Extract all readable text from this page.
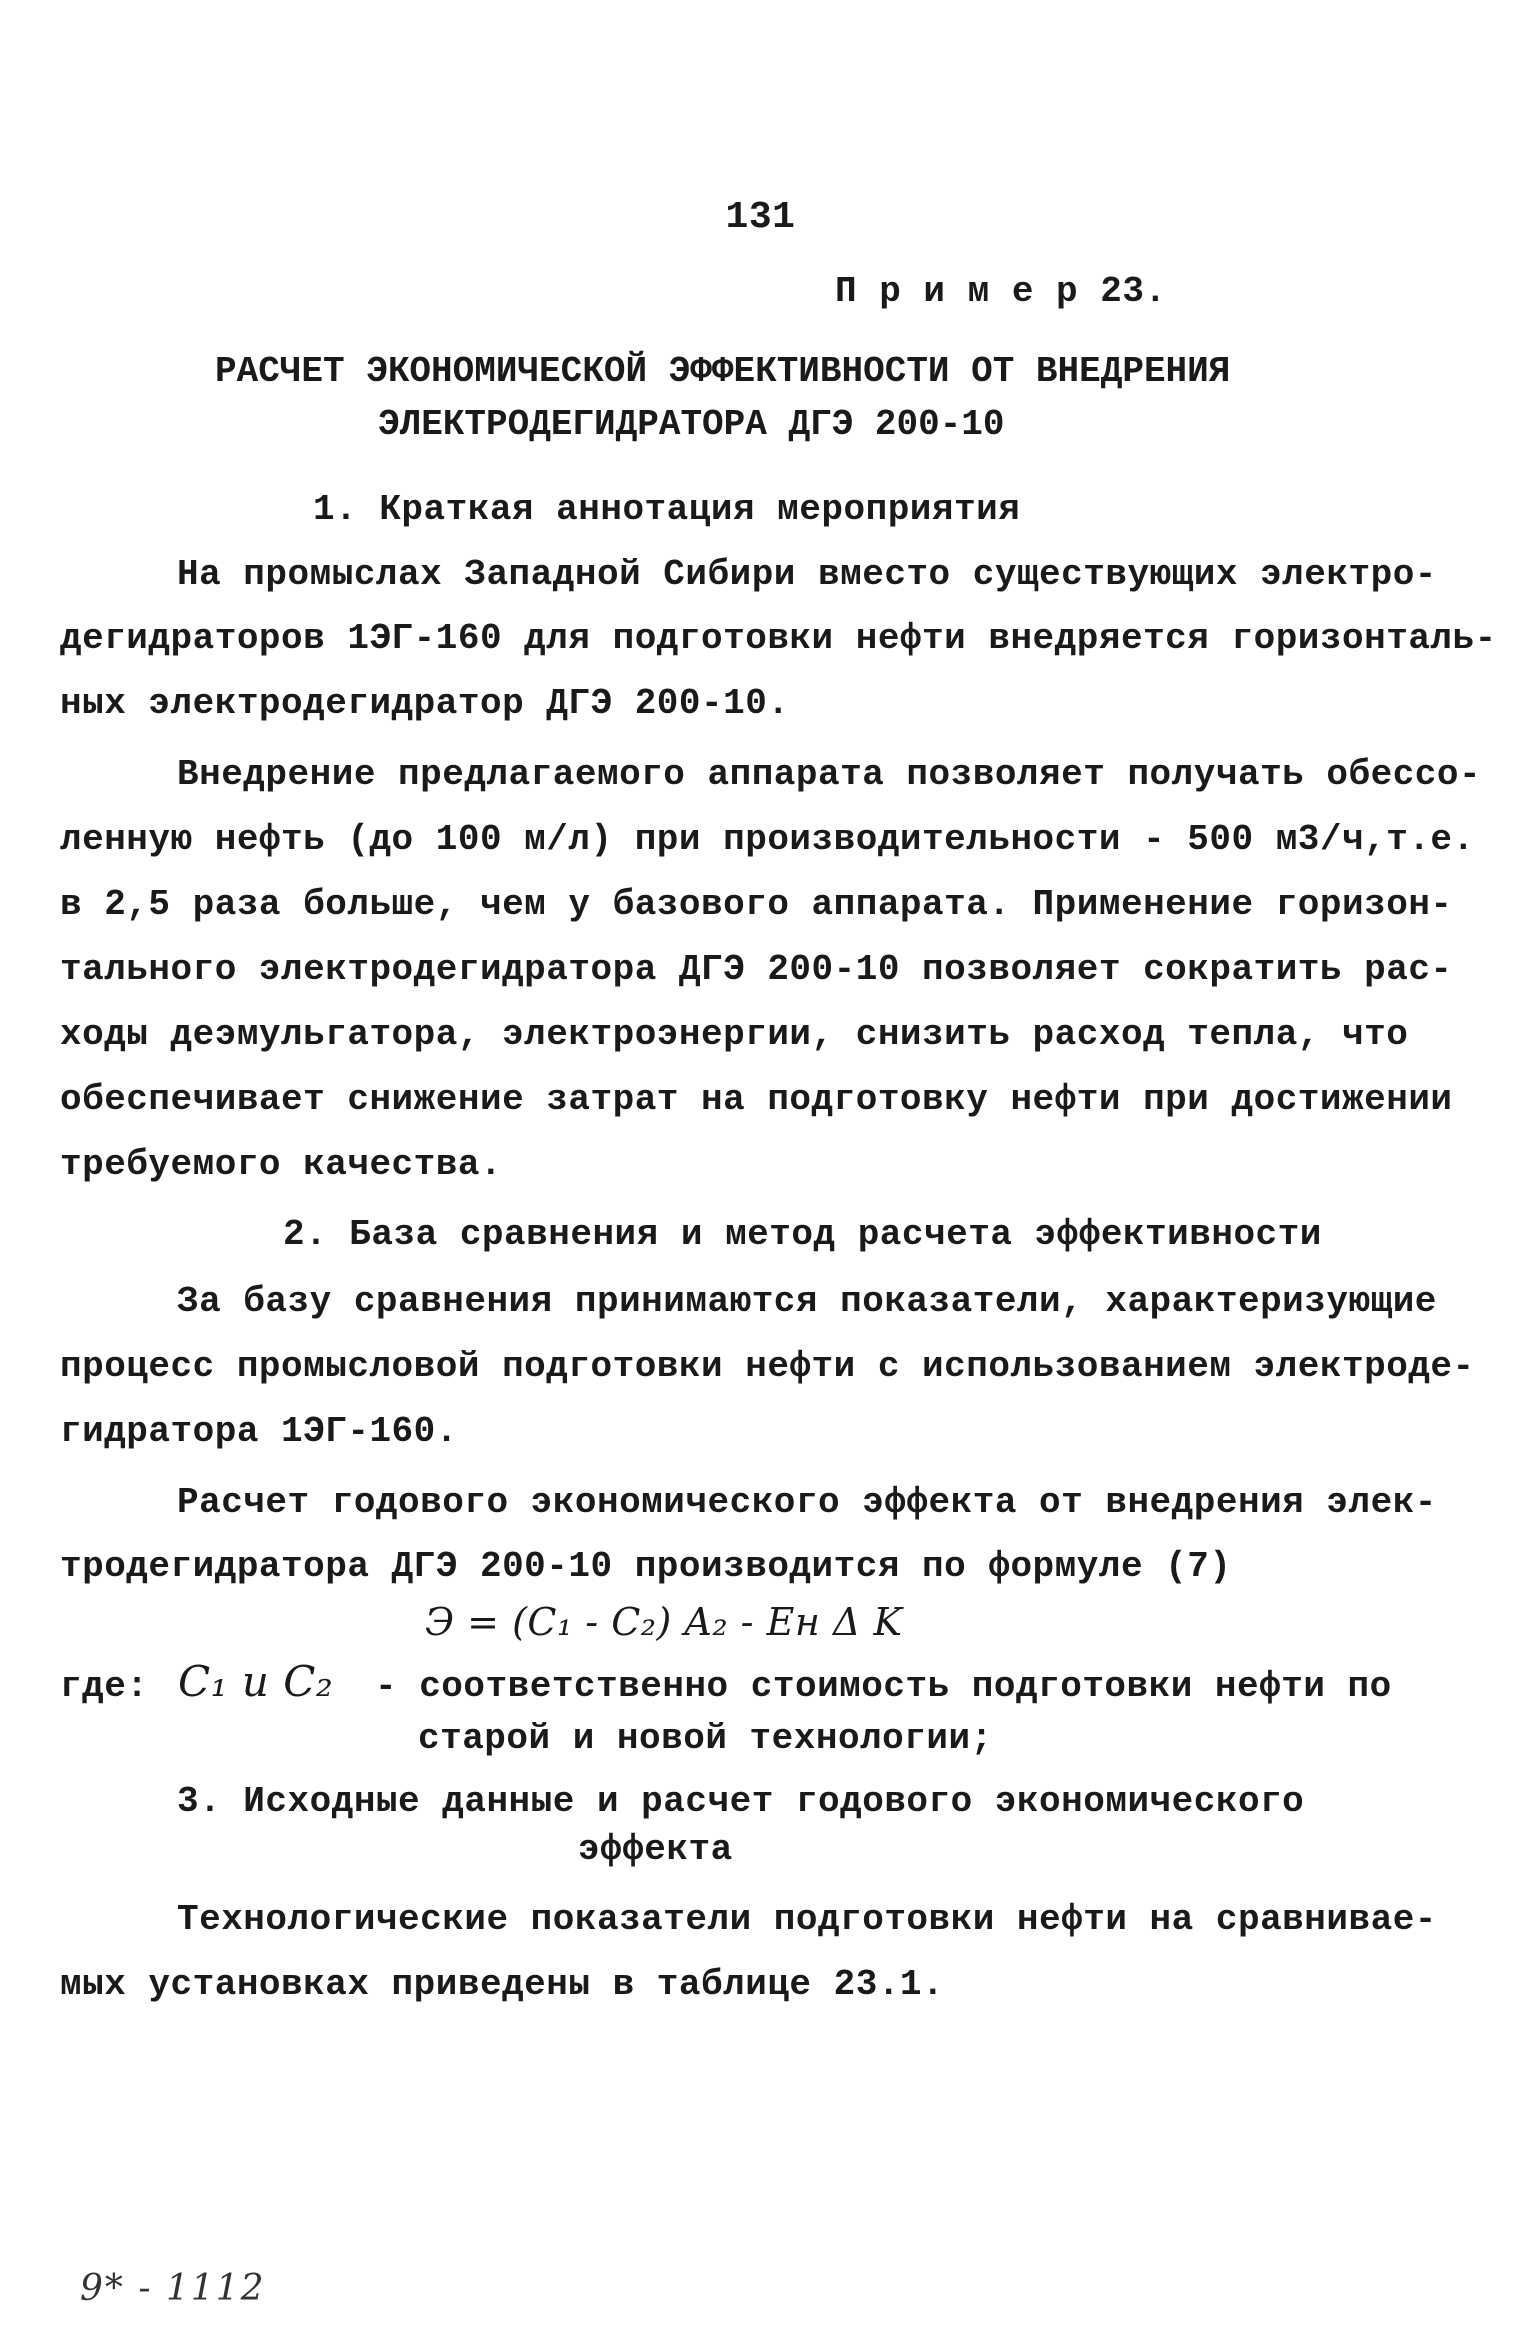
131
П р и м е р 23.
РАСЧЕТ ЭКОНОМИЧЕСКОЙ ЭФФЕКТИВНОСТИ ОТ ВНЕДРЕНИЯ
ЭЛЕКТРОДЕГИДРАТОРА ДГЭ 200-10
1. Краткая аннотация мероприятия
На промыслах Западной Сибири вместо существующих электро-
дегидраторов 1ЭГ-160 для подготовки нефти внедряется горизонталь-
ных электродегидратор ДГЭ 200-10.
Внедрение предлагаемого аппарата позволяет получать обессо-
ленную нефть (до 100 м/л) при производительности - 500 м3/ч,т.е.
в 2,5 раза больше, чем у базового аппарата. Применение горизон-
тального электродегидратора ДГЭ 200-10 позволяет сократить рас-
ходы деэмульгатора, электроэнергии, снизить расход тепла, что
обеспечивает снижение затрат на подготовку нефти при достижении
требуемого качества.
2. База сравнения и метод расчета эффективности
За базу сравнения принимаются показатели, характеризующие
процесс промысловой подготовки нефти с использованием электроде-
гидратора 1ЭГ-160.
Расчет годового экономического эффекта от внедрения элек-
тродегидратора ДГЭ 200-10 производится по формуле (7)
Э = (C₁ - C₂) A₂ - Eн Δ K
где: C₁ и C₂ - соответственно стоимость подготовки нефти по
старой и новой технологии;
3. Исходные данные и расчет годового экономического
эффекта
Технологические показатели подготовки нефти на сравнивае-
мых установках приведены в таблице 23.1.
9* - 1112
